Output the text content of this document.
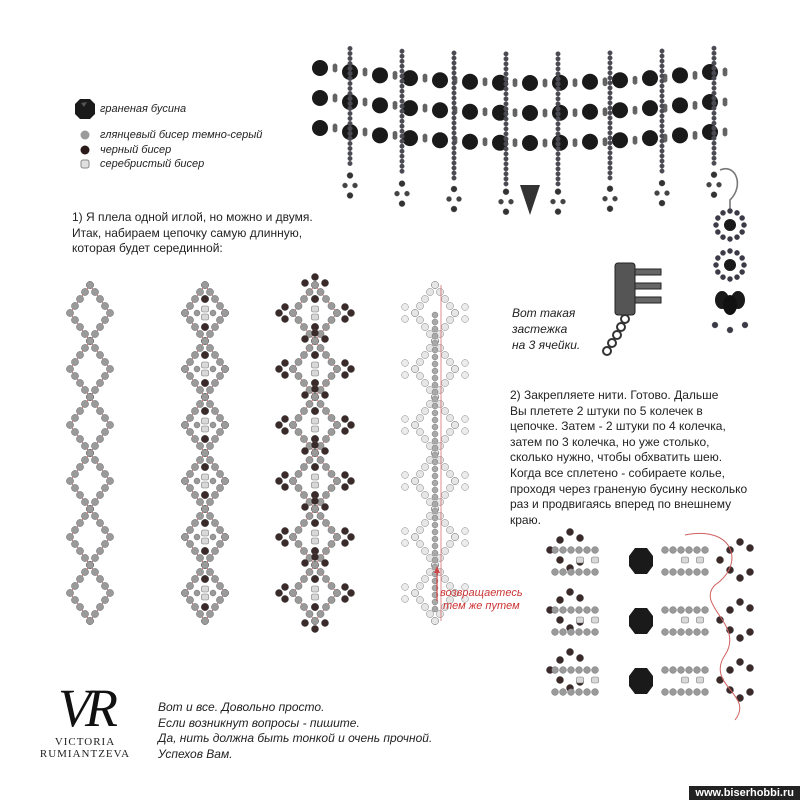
граненая бусина
глянцевый бисер темно-серый
черный бисер
серебристый бисер
1) Я плела одной иглой, но можно и двумя.
Итак, набираем цепочку самую длинную,
которая будет серединной:
Вот такая
застежка
на 3 ячейки.
2) Закрепляете нити. Готово. Дальше
Вы плетете 2 штуки по 5 колечек в
цепочке. Затем - 2 штуки по 4 колечка,
затем по 3 колечка, но уже столько,
сколько нужно, чтобы обхватить шею.
Когда все сплетено - собираете колье,
проходя через граненую бусину несколько
раз и продвигаясь вперед по внешнему
краю.
возвращаетесь
тем же путем
Вот и все. Довольно просто.
Если возникнут вопросы - пишите.
Да, нить должна быть тонкой и очень прочной.
Успехов Вам.
VR
VICTORIA
RUMIANTZEVA
www.biserhobbi.ru
